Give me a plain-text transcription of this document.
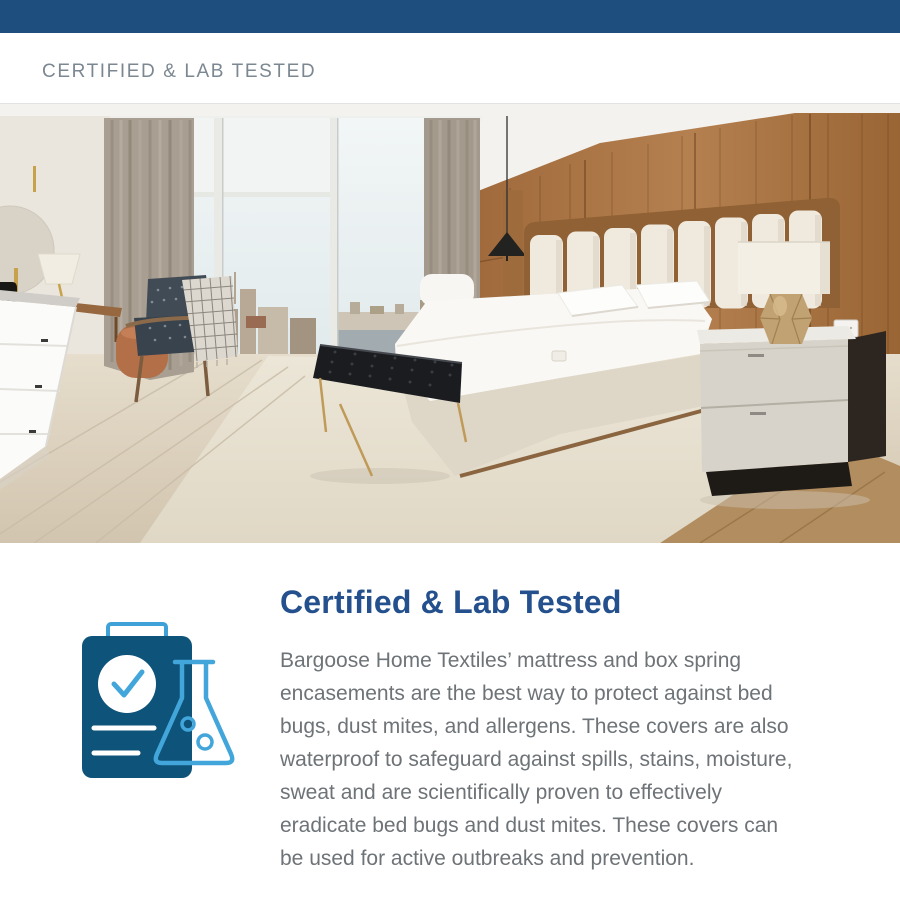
CERTIFIED & LAB TESTED
Certified & Lab Tested
Bargoose Home Textiles’ mattress and box spring
encasements are the best way to protect against bed
bugs, dust mites, and allergens. These covers are also
waterproof to safeguard against spills, stains, moisture,
sweat and are scientifically proven to effectively
eradicate bed bugs and dust mites. These covers can
be used for active outbreaks and prevention.
